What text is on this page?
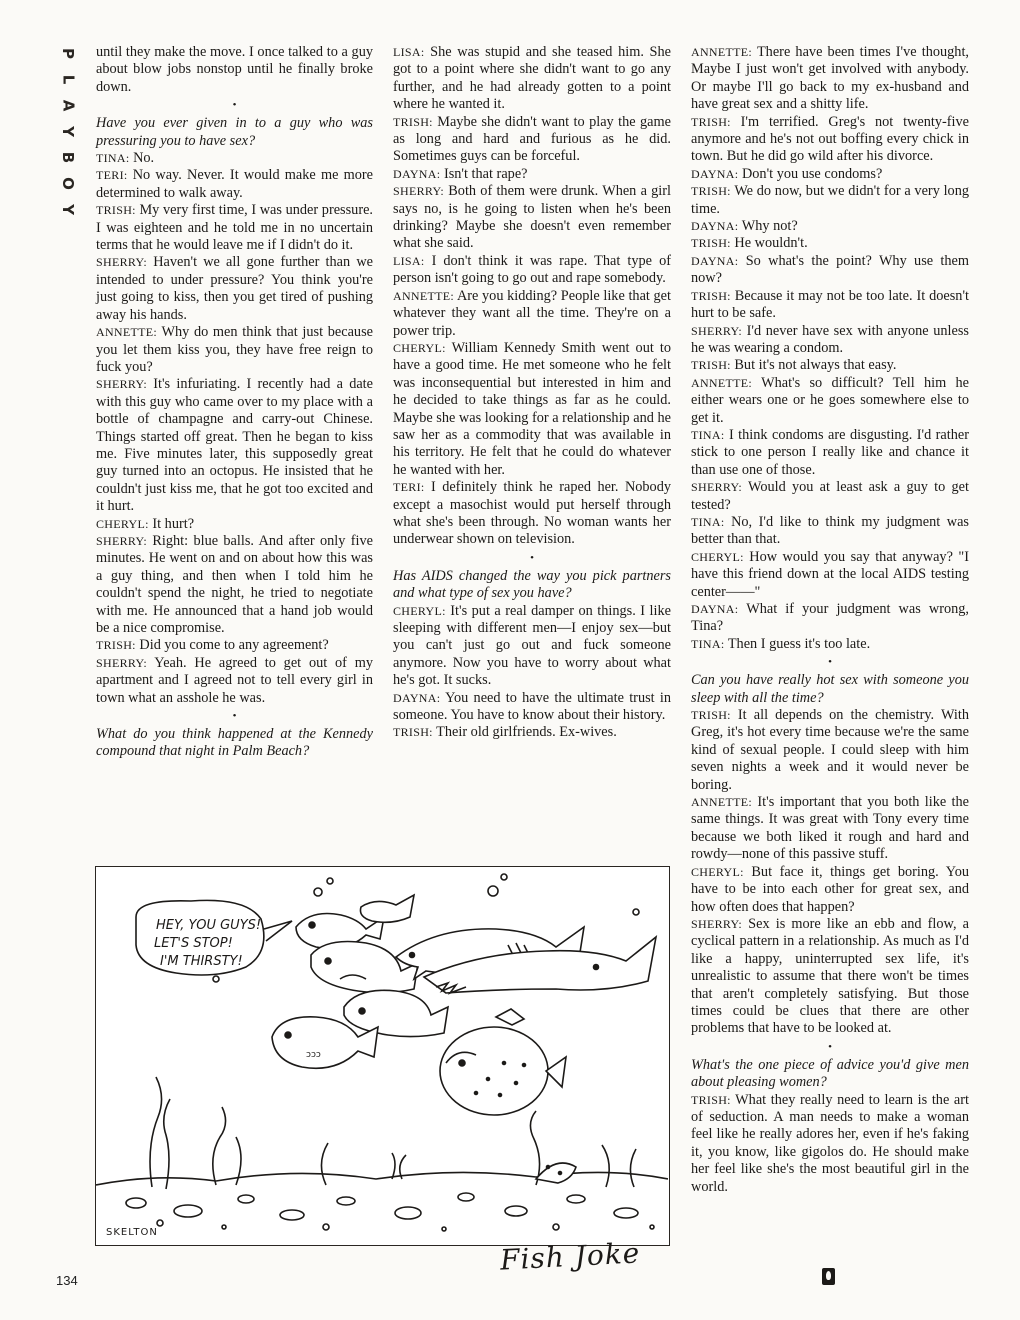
P
L
A
Y
B
O
Y

until they make the move. I once talked to a guy about blow jobs nonstop until he finally broke down.

•

Have you ever given in to a guy who was pressuring you to have sex?

TINA: No.

TERI: No way. Never. It would make me more determined to walk away.

TRISH: My very first time, I was under pressure. I was eighteen and he told me in no uncertain terms that he would leave me if I didn't do it.

SHERRY: Haven't we all gone further than we intended to under pressure? You think you're just going to kiss, then you get tired of pushing away his hands.

ANNETTE: Why do men think that just because you let them kiss you, they have free reign to fuck you?

SHERRY: It's infuriating. I recently had a date with this guy who came over to my place with a bottle of champagne and carry-out Chinese. Things started off great. Then he began to kiss me. Five minutes later, this supposedly great guy turned into an octopus. He insisted that he couldn't just kiss me, that he got too excited and it hurt.

CHERYL: It hurt?

SHERRY: Right: blue balls. And after only five minutes. He went on and on about how this was a guy thing, and then when I told him he couldn't spend the night, he tried to negotiate with me. He announced that a hand job would be a nice compromise.

TRISH: Did you come to any agreement?

SHERRY: Yeah. He agreed to get out of my apartment and I agreed not to tell every girl in town what an asshole he was.

•

What do you think happened at the Kennedy compound that night in Palm Beach?

LISA: She was stupid and she teased him. She got to a point where she didn't want to go any further, and he had already gotten to a point where he wanted it.

TRISH: Maybe she didn't want to play the game as long and hard and furious as he did. Sometimes guys can be forceful.

DAYNA: Isn't that rape?

SHERRY: Both of them were drunk. When a girl says no, is he going to listen when he's been drinking? Maybe she doesn't even remember what she said.

LISA: I don't think it was rape. That type of person isn't going to go out and rape somebody.

ANNETTE: Are you kidding? People like that get whatever they want all the time. They're on a power trip.

CHERYL: William Kennedy Smith went out to have a good time. He met someone who he felt was inconsequential but interested in him and he decided to take things as far as he could. Maybe she was looking for a relationship and he saw her as a commodity that was available in his territory. He felt that he could do whatever he wanted with her.

TERI: I definitely think he raped her. Nobody except a masochist would put herself through what she's been through. No woman wants her underwear shown on television.

•

Has AIDS changed the way you pick partners and what type of sex you have?

CHERYL: It's put a real damper on things. I like sleeping with different men—I enjoy sex—but you can't just go out and fuck someone anymore. Now you have to worry about what he's got. It sucks.

DAYNA: You need to have the ultimate trust in someone. You have to know about their history.

TRISH: Their old girlfriends. Ex-wives.

ANNETTE: There have been times I've thought, Maybe I just won't get involved with anybody. Or maybe I'll go back to my ex-husband and have great sex and a shitty life.

TRISH: I'm terrified. Greg's not twenty-five anymore and he's not out boffing every chick in town. But he did go wild after his divorce.

DAYNA: Don't you use condoms?

TRISH: We do now, but we didn't for a very long time.

DAYNA: Why not?

TRISH: He wouldn't.

DAYNA: So what's the point? Why use them now?

TRISH: Because it may not be too late. It doesn't hurt to be safe.

SHERRY: I'd never have sex with anyone unless he was wearing a condom.

TRISH: But it's not always that easy.

ANNETTE: What's so difficult? Tell him he either wears one or he goes somewhere else to get it.

TINA: I think condoms are disgusting. I'd rather stick to one person I really like and chance it than use one of those.

SHERRY: Would you at least ask a guy to get tested?

TINA: No, I'd like to think my judgment was better than that.

CHERYL: How would you say that anyway? "I have this friend down at the local AIDS testing center——"

DAYNA: What if your judgment was wrong, Tina?

TINA: Then I guess it's too late.

•

Can you have really hot sex with someone you sleep with all the time?

TRISH: It all depends on the chemistry. With Greg, it's hot every time because we're the same kind of sexual people. I could sleep with him seven nights a week and it would never be boring.

ANNETTE: It's important that you both like the same things. It was great with Tony every time because we both liked it rough and hard and rowdy—none of this passive stuff.

CHERYL: But face it, things get boring. You have to be into each other for great sex, and how often does that happen?

SHERRY: Sex is more like an ebb and flow, a cyclical pattern in a relationship. As much as I'd like a happy, uninterrupted sex life, it's unrealistic to assume that there won't be times that aren't completely satisfying. But those times could be clues that there are other problems that have to be looked at.

•

What's the one piece of advice you'd give men about pleasing women?

TRISH: What they really need to learn is the art of seduction. A man needs to make a woman feel like he really adores her, even if he's faking it, you know, like gigolos do. He should make her feel like she's the most beautiful girl in the world.

HEY, YOU GUYS!
LET'S STOP!
I'M THIRSTY!
ɔɔɔ
SKELTON
Fish Joke
134
